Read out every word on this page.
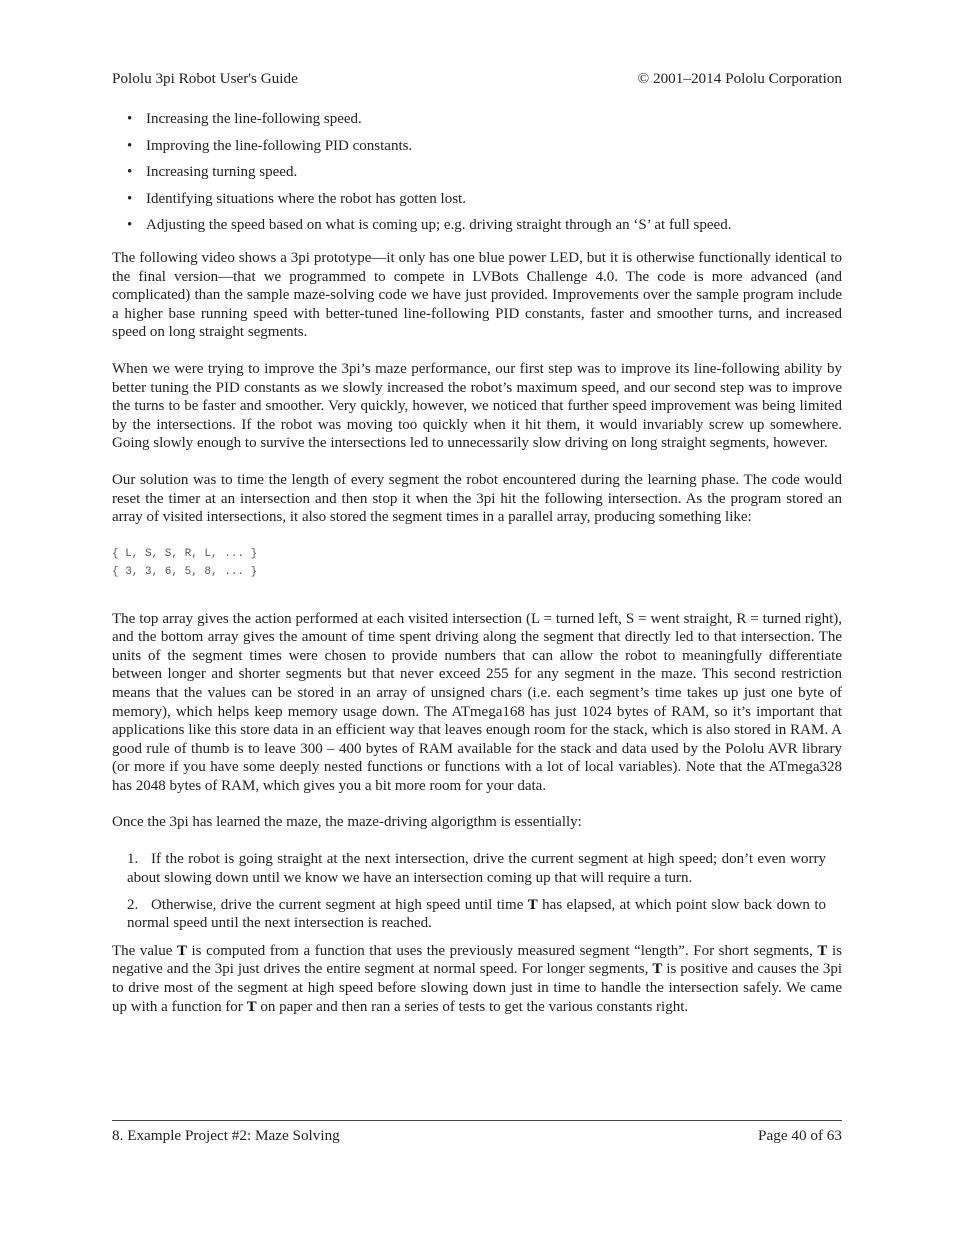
Pololu 3pi Robot User's Guide	© 2001–2014 Pololu Corporation
• Increasing the line-following speed.
• Improving the line-following PID constants.
• Increasing turning speed.
• Identifying situations where the robot has gotten lost.
• Adjusting the speed based on what is coming up; e.g. driving straight through an ‘S’ at full speed.

The following video shows a 3pi prototype—it only has one blue power LED, but it is otherwise functionally identical to the final version—that we programmed to compete in LVBots Challenge 4.0. The code is more advanced (and complicated) than the sample maze-solving code we have just provided. Improvements over the sample program include a higher base running speed with better-tuned line-following PID constants, faster and smoother turns, and increased speed on long straight segments.

When we were trying to improve the 3pi’s maze performance, our first step was to improve its line-following ability by better tuning the PID constants as we slowly increased the robot’s maximum speed, and our second step was to improve the turns to be faster and smoother. Very quickly, however, we noticed that further speed improvement was being limited by the intersections. If the robot was moving too quickly when it hit them, it would invariably screw up somewhere. Going slowly enough to survive the intersections led to unnecessarily slow driving on long straight segments, however.

Our solution was to time the length of every segment the robot encountered during the learning phase. The code would reset the timer at an intersection and then stop it when the 3pi hit the following intersection. As the program stored an array of visited intersections, it also stored the segment times in a parallel array, producing something like:

{ L, S, S, R, L, ... }
{ 3, 3, 6, 5, 8, ... }

The top array gives the action performed at each visited intersection (L = turned left, S = went straight, R = turned right), and the bottom array gives the amount of time spent driving along the segment that directly led to that intersection. The units of the segment times were chosen to provide numbers that can allow the robot to meaningfully differentiate between longer and shorter segments but that never exceed 255 for any segment in the maze. This second restriction means that the values can be stored in an array of unsigned chars (i.e. each segment’s time takes up just one byte of memory), which helps keep memory usage down. The ATmega168 has just 1024 bytes of RAM, so it’s important that applications like this store data in an efficient way that leaves enough room for the stack, which is also stored in RAM. A good rule of thumb is to leave 300 – 400 bytes of RAM available for the stack and data used by the Pololu AVR library (or more if you have some deeply nested functions or functions with a lot of local variables). Note that the ATmega328 has 2048 bytes of RAM, which gives you a bit more room for your data.

Once the 3pi has learned the maze, the maze-driving algorigthm is essentially:

1. If the robot is going straight at the next intersection, drive the current segment at high speed; don’t even worry about slowing down until we know we have an intersection coming up that will require a turn.
2. Otherwise, drive the current segment at high speed until time T has elapsed, at which point slow back down to normal speed until the next intersection is reached.

The value T is computed from a function that uses the previously measured segment “length”. For short segments, T is negative and the 3pi just drives the entire segment at normal speed. For longer segments, T is positive and causes the 3pi to drive most of the segment at high speed before slowing down just in time to handle the intersection safely. We came up with a function for T on paper and then ran a series of tests to get the various constants right.

8. Example Project #2: Maze Solving	Page 40 of 63
